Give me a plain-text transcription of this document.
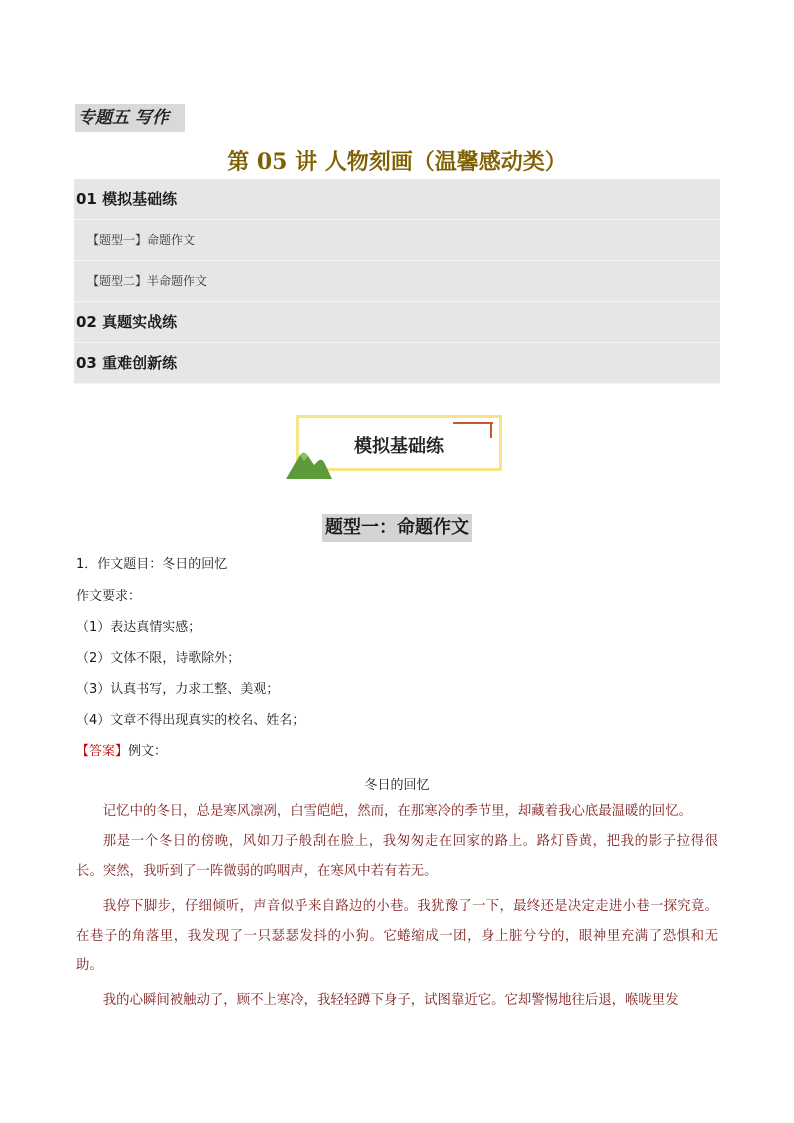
专题五 写作
第 05 讲 人物刻画（温馨感动类）
01 模拟基础练
【题型一】命题作文
【题型二】半命题作文
02 真题实战练
03 重难创新练
模拟基础练
题型一：命题作文
1．作文题目：冬日的回忆
作文要求：
（1）表达真情实感；
（2）文体不限，诗歌除外；
（3）认真书写，力求工整、美观；
（4）文章不得出现真实的校名、姓名；
【答案】例文：
冬日的回忆

记忆中的冬日，总是寒风凛冽，白雪皑皑，然而，在那寒冷的季节里，却藏着我心底最温暖的回忆。

那是一个冬日的傍晚，风如刀子般刮在脸上，我匆匆走在回家的路上。路灯昏黄，把我的影子拉得很长。突然，我听到了一阵微弱的呜咽声，在寒风中若有若无。

我停下脚步，仔细倾听，声音似乎来自路边的小巷。我犹豫了一下，最终还是决定走进小巷一探究竟。在巷子的角落里，我发现了一只瑟瑟发抖的小狗。它蜷缩成一团，身上脏兮兮的，眼神里充满了恐惧和无助。

我的心瞬间被触动了，顾不上寒冷，我轻轻蹲下身子，试图靠近它。它却警惕地往后退，喉咙里发
